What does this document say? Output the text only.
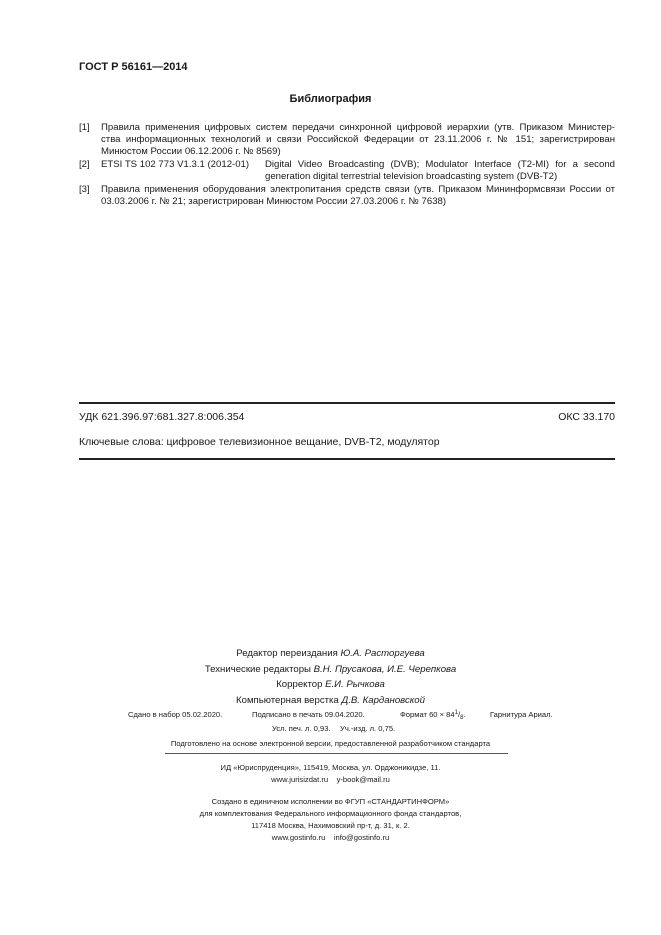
ГОСТ Р 56161—2014
Библиография
[1] Правила применения цифровых систем передачи синхронной цифровой иерархии (утв. Приказом Министер-
ства информационных технологий и связи Российской Федерации от 23.11.2006 г. № 151; зарегистрирован
Минюстом России 06.12.2006 г. № 8569)
[2] ETSI TS 102 773 V1.3.1 (2012-01) Digital Video Broadcasting (DVB); Modulator Interface (T2-MI) for a second
generation digital terrestrial television broadcasting system (DVB-T2)
[3] Правила применения оборудования электропитания средств связи (утв. Приказом Мининформсвязи России от
03.03.2006 г. № 21; зарегистрирован Минюстом России 27.03.2006 г. № 7638)
УДК 621.396.97:681.327.8:006.354	ОКС 33.170
Ключевые слова: цифровое телевизионное вещание, DVB-T2, модулятор
Редактор переиздания Ю.А. Расторгуева
Технические редакторы В.Н. Прусакова, И.Е. Черепкова
Корректор Е.И. Рычкова
Компьютерная верстка Д.В. Кардановской
Сдано в набор 05.02.2020.	Подписано в печать 09.04.2020.	Формат $60 \times 84^1/_8$.	Гарнитура Ариал.
Усл. печ. л. 0,93. Уч.-изд. л. 0,75.
Подготовлено на основе электронной версии, предоставленной разработчиком стандарта
ИД «Юриспруденция», 115419, Москва, ул. Орджоникидзе, 11.
www.jurisizdat.ru y-book@mail.ru
Создано в единичном исполнении во ФГУП «СТАНДАРТИНФОРМ»
для комплектования Федерального информационного фонда стандартов,
117418 Москва, Нахимовский пр-т, д. 31, к. 2.
www.gostinfo.ru info@gostinfo.ru
